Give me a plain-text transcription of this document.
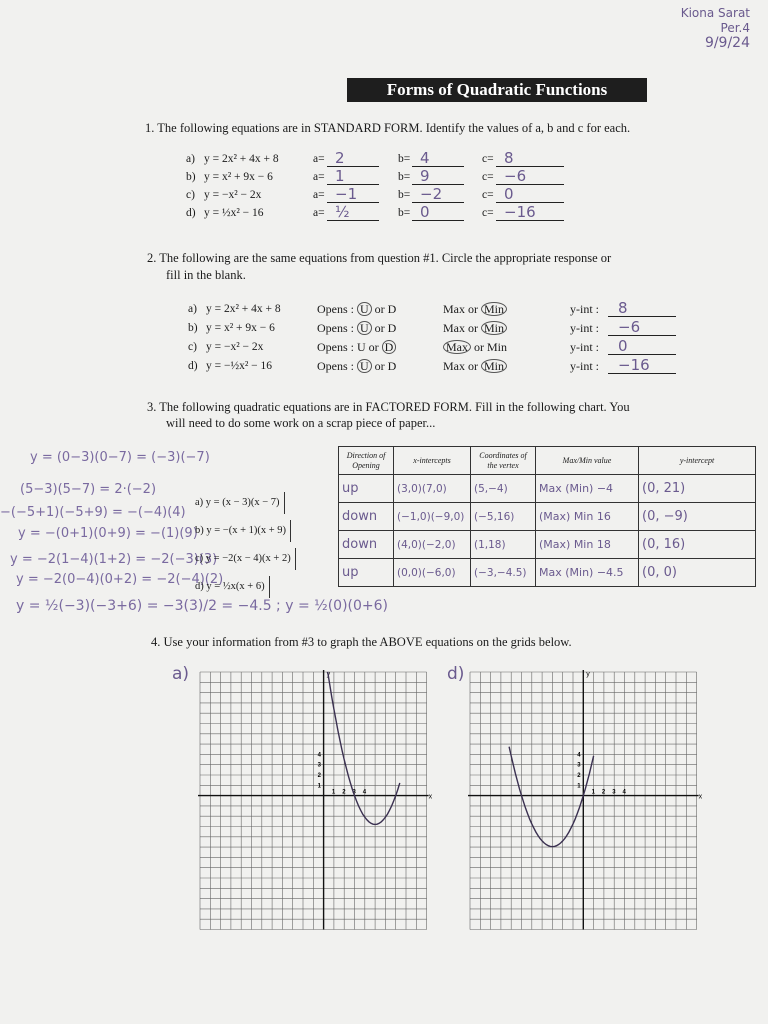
Kiona Sarat
Per.4
9/9/24
Forms of Quadratic Functions
1. The following equations are in STANDARD FORM. Identify the values of a, b and c for each.
a) y = 2x² + 4x + 8	a= 2	b= 4	c= 8
b) y = x² + 9x − 6	a= 1	b= 9	c= −6
c) y = −x² − 2x	a= −1	b= −2	c= 0
d) y = ½x² − 16	a= ½	b= 0	c= −16
2. The following are the same equations from question #1. Circle the appropriate response or
fill in the blank.
a) y = 2x² + 4x + 8	Opens : U or D	Max or Min	y-int : 8
b) y = x² + 9x − 6	Opens : U or D	Max or Min	y-int : −6
c) y = −x² − 2x	Opens : U or D	Max or Min	y-int : 0
d) y = −½x² − 16	Opens : U or D	Max or Min	y-int : −16
3. The following quadratic equations are in FACTORED FORM. Fill in the following chart. You
will need to do some work on a scrap piece of paper...
y = (0−3)(0−7) = (−3)(−7)
(5−3)(5−7) = 2·(−2)
−(−5+1)(−5+9) = −(−4)(4)
y = −(0+1)(0+9) = −(1)(9)
y = −2(1−4)(1+2) = −2(−3)(3)
y = −2(0−4)(0+2) = −2(−4)(2)
y = ½(−3)(−3+6) = −3(3)/2 = −4.5 ; y = ½(0)(0+6)
a) y = (x − 3)(x − 7)
b) y = −(x + 1)(x + 9)
c) y = −2(x − 4)(x + 2)
d) y = ½x(x + 6)
Direction of Opening	x-intercepts	Coordinates of the vertex	Max/Min value	y-intercept
up	(3,0)(7,0)	(5,−4)	Max (Min) −4	(0, 21)
down	(−1,0)(−9,0)	(−5,16)	(Max) Min 16	(0, −9)
down	(4,0)(−2,0)	(1,18)	(Max) Min 18	(0, 16)
up	(0,0)(−6,0)	(−3,−4.5)	Max (Min) −4.5	(0, 0)
4. Use your information from #3 to graph the ABOVE equations on the grids below.
a)	d)
x
y
1
1
2
2
3
3
4
4
x
y
1
1
2
2
3
3
4
4
